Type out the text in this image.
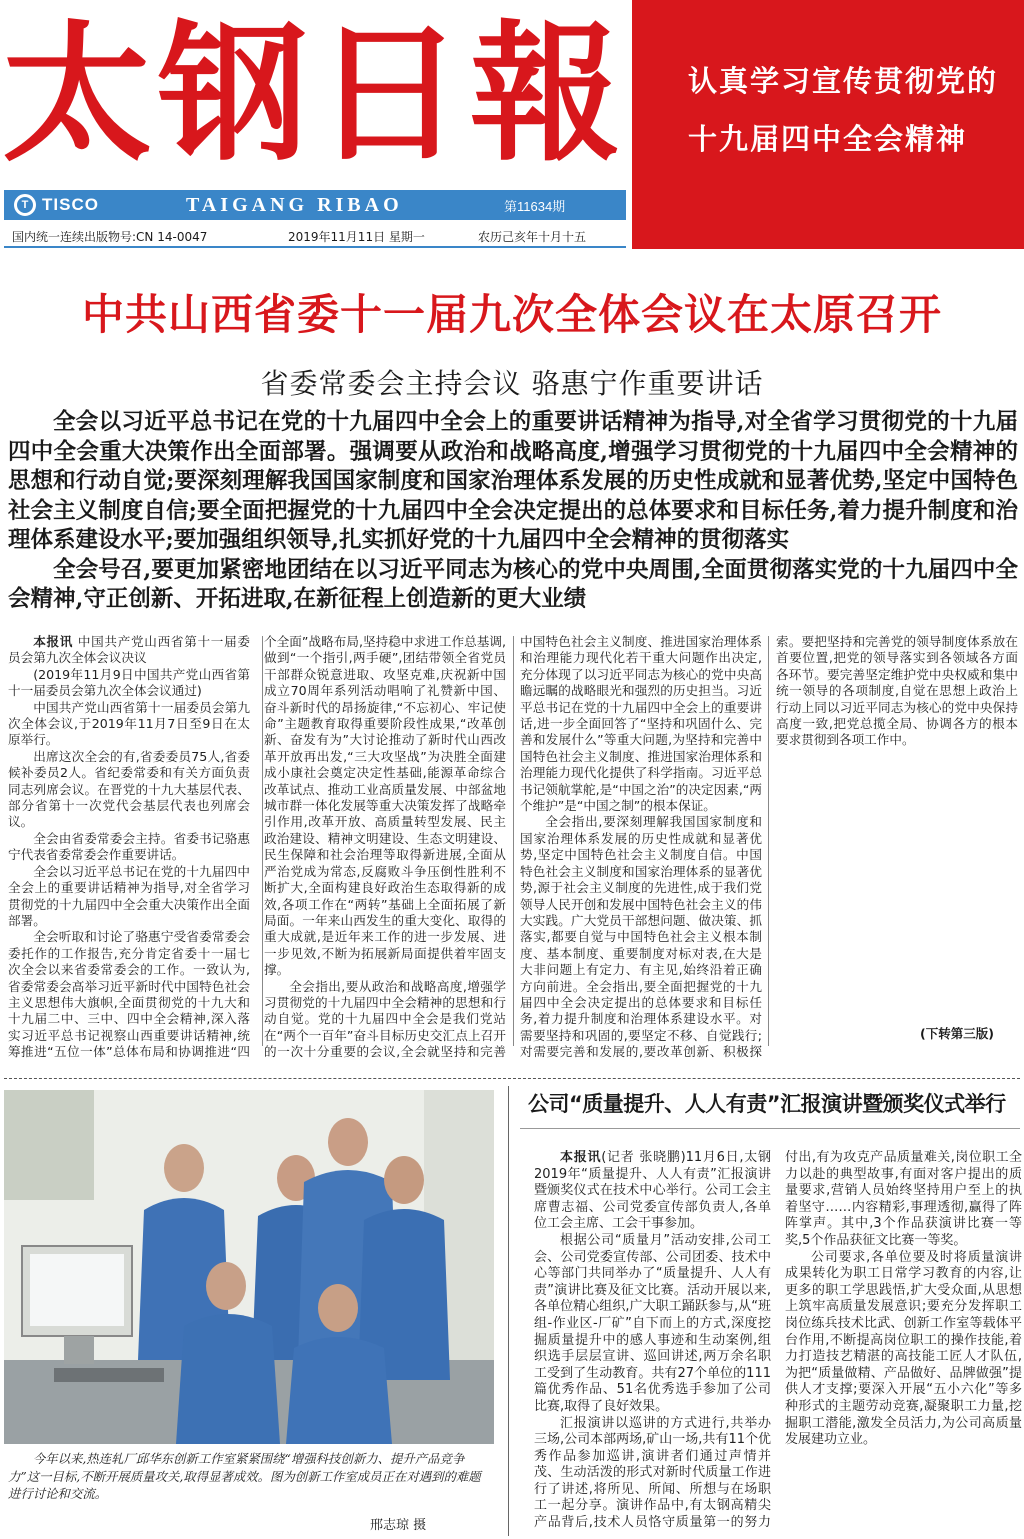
太钢日報
T TISCO	TAIGANG RIBAO	第11634期
国内统一连续出版物号:CN 14-0047	2019年11月11日 星期一	农历己亥年十月十五
认真学习宣传贯彻党的十九届四中全会精神
中共山西省委十一届九次全体会议在太原召开
省委常委会主持会议 骆惠宁作重要讲话

全会以习近平总书记在党的十九届四中全会上的重要讲话精神为指导,对全省学习贯彻党的十九届四中全会重大决策作出全面部署。强调要从政治和战略高度,增强学习贯彻党的十九届四中全会精神的思想和行动自觉;要深刻理解我国国家制度和国家治理体系发展的历史性成就和显著优势,坚定中国特色社会主义制度自信;要全面把握党的十九届四中全会决定提出的总体要求和目标任务,着力提升制度和治理体系建设水平;要加强组织领导,扎实抓好党的十九届四中全会精神的贯彻落实

全会号召,要更加紧密地团结在以习近平同志为核心的党中央周围,全面贯彻落实党的十九届四中全会精神,守正创新、开拓进取,在新征程上创造新的更大业绩

本报讯 中国共产党山西省第十一届委员会第九次全体会议决议

(2019年11月9日中国共产党山西省第十一届委员会第九次全体会议通过)

中国共产党山西省第十一届委员会第九次全体会议,于2019年11月7日至9日在太原举行。

出席这次全会的有,省委委员75人,省委候补委员2人。省纪委常委和有关方面负责同志列席会议。在晋党的十九大基层代表、部分省第十一次党代会基层代表也列席会议。

全会由省委常委会主持。省委书记骆惠宁代表省委常委会作重要讲话。

全会以习近平总书记在党的十九届四中全会上的重要讲话精神为指导,对全省学习贯彻党的十九届四中全会重大决策作出全面部署。

全会听取和讨论了骆惠宁受省委常委会委托作的工作报告,充分肯定省委十一届七次全会以来省委常委会的工作。一致认为,省委常委会高举习近平新时代中国特色社会主义思想伟大旗帜,全面贯彻党的十九大和十九届二中、三中、四中全会精神,深入落实习近平总书记视察山西重要讲话精神,统筹推进“五位一体”总体布局和协调推进“四个全面”战略布局,坚持稳中求进工作总基调,做到“一个指引,两手硬”,团结带领全省党员干部群众锐意进取、攻坚克难,庆祝新中国成立70周年系列活动唱响了礼赞新中国、奋斗新时代的昂扬旋律,“不忘初心、牢记使命”主题教育取得重要阶段性成果,“改革创新、奋发有为”大讨论推动了新时代山西改革开放再出发,“三大攻坚战”为决胜全面建成小康社会奠定决定性基础,能源革命综合改革试点、推动工业高质量发展、中部盆地城市群一体化发展等重大决策发挥了战略牵引作用,改革开放、高质量转型发展、民主政治建设、精神文明建设、生态文明建设、民生保障和社会治理等取得新进展,全面从严治党成为常态,反腐败斗争压倒性胜利不断扩大,全面构建良好政治生态取得新的成效,各项工作在“两转”基础上全面拓展了新局面。一年来山西发生的重大变化、取得的重大成就,是近年来工作的进一步发展、进一步见效,不断为拓展新局面提供着牢固支撑。

全会指出,要从政治和战略高度,增强学习贯彻党的十九届四中全会精神的思想和行动自觉。党的十九届四中全会是我们党站在“两个一百年”奋斗目标历史交汇点上召开的一次十分重要的会议,全会就坚持和完善中国特色社会主义制度、推进国家治理体系和治理能力现代化若干重大问题作出决定,充分体现了以习近平同志为核心的党中央高瞻远瞩的战略眼光和强烈的历史担当。习近平总书记在党的十九届四中全会上的重要讲话,进一步全面回答了“坚持和巩固什么、完善和发展什么”等重大问题,为坚持和完善中国特色社会主义制度、推进国家治理体系和治理能力现代化提供了科学指南。习近平总书记领航掌舵,是“中国之治”的决定因素,“两个维护”是“中国之制”的根本保证。

全会指出,要深刻理解我国国家制度和国家治理体系发展的历史性成就和显著优势,坚定中国特色社会主义制度自信。中国特色社会主义制度和国家治理体系的显著优势,源于社会主义制度的先进性,成于我们党领导人民开创和发展中国特色社会主义的伟大实践。广大党员干部想问题、做决策、抓落实,都要自觉与中国特色社会主义根本制度、基本制度、重要制度对标对表,在大是大非问题上有定力、有主见,始终沿着正确方向前进。全会指出,要全面把握党的十九届四中全会决定提出的总体要求和目标任务,着力提升制度和治理体系建设水平。对需要坚持和巩固的,要坚定不移、自觉践行;对需要完善和发展的,要改革创新、积极探索。要把坚持和完善党的领导制度体系放在首要位置,把党的领导落实到各领域各方面各环节。要完善坚定维护党中央权威和集中统一领导的各项制度,自觉在思想上政治上行动上同以习近平同志为核心的党中央保持高度一致,把党总揽全局、协调各方的根本要求贯彻到各项工作中。

(下转第三版)

今年以来,热连轧厂邱华东创新工作室紧紧围绕“增强科技创新力、提升产品竞争力”这一目标,不断开展质量攻关,取得显著成效。图为创新工作室成员正在对遇到的难题进行讨论和交流。

邢志琼 摄
公司“质量提升、人人有责”汇报演讲暨颁奖仪式举行

本报讯(记者 张晓鹏)11月6日,太钢2019年“质量提升、人人有责”汇报演讲暨颁奖仪式在技术中心举行。公司工会主席曹志福、公司党委宣传部负责人,各单位工会主席、工会干事参加。

根据公司“质量月”活动安排,公司工会、公司党委宣传部、公司团委、技术中心等部门共同举办了“质量提升、人人有责”演讲比赛及征文比赛。活动开展以来,各单位精心组织,广大职工踊跃参与,从“班组-作业区-厂矿”自下而上的方式,深度挖掘质量提升中的感人事迹和生动案例,组织选手层层宣讲、巡回讲述,两万余名职工受到了生动教育。共有27个单位的111篇优秀作品、51名优秀选手参加了公司比赛,取得了良好效果。

汇报演讲以巡讲的方式进行,共举办三场,公司本部两场,矿山一场,共有11个优秀作品参加巡讲,演讲者们通过声情并茂、生动活泼的形式对新时代质量工作进行了讲述,将所见、所闻、所想与在场职工一起分享。演讲作品中,有太钢高精尖产品背后,技术人员恪守质量第一的努力付出,有为攻克产品质量难关,岗位职工全力以赴的典型故事,有面对客户提出的质量要求,营销人员始终坚持用户至上的执着坚守……内容精彩,事理透彻,赢得了阵阵掌声。其中,3个作品获演讲比赛一等奖,5个作品获征文比赛一等奖。

公司要求,各单位要及时将质量演讲成果转化为职工日常学习教育的内容,让更多的职工学思践悟,扩大受众面,从思想上筑牢高质量发展意识;要充分发挥职工岗位练兵技术比武、创新工作室等载体平台作用,不断提高岗位职工的操作技能,着力打造技艺精湛的高技能工匠人才队伍,为把“质量做精、产品做好、品牌做强”提供人才支撑;要深入开展“五小六化”等多种形式的主题劳动竞赛,凝聚职工力量,挖掘职工潜能,激发全员活力,为公司高质量发展建功立业。
